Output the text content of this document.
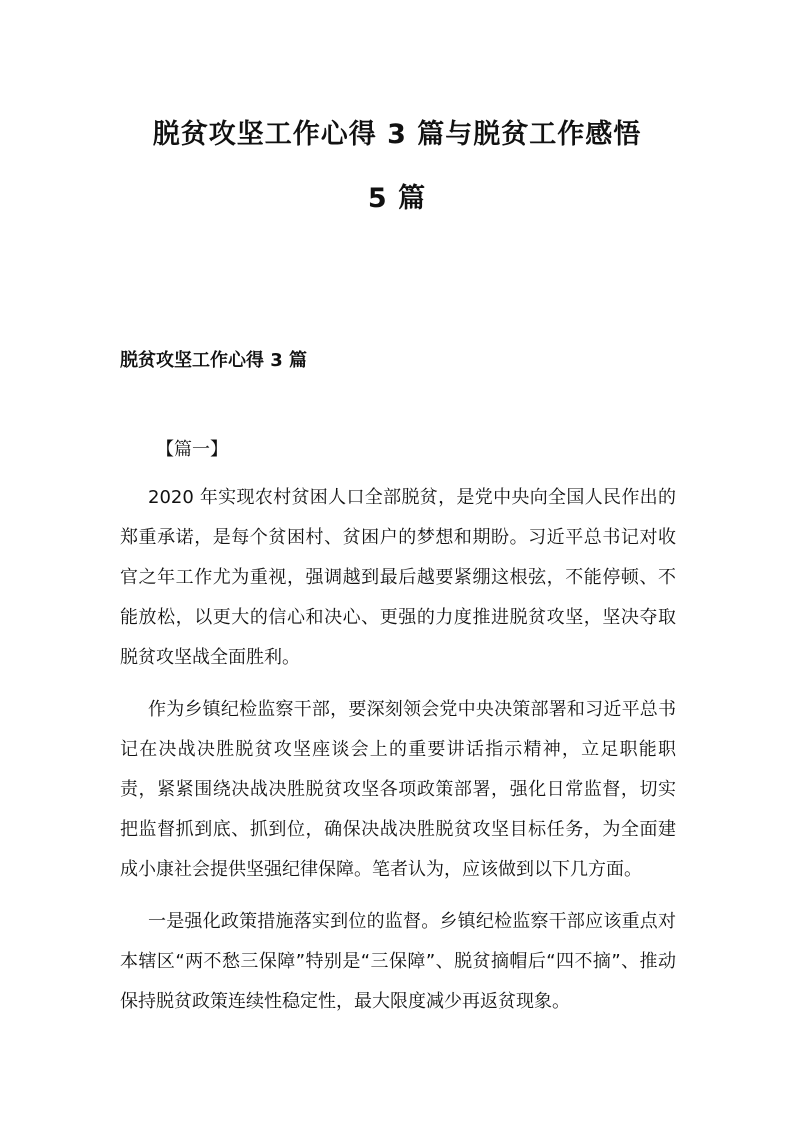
脱贫攻坚工作心得 3 篇与脱贫工作感悟
5 篇
脱贫攻坚工作心得 3 篇
【篇一】
2020 年实现农村贫困人口全部脱贫，是党中央向全国人民作出的郑重承诺，是每个贫困村、贫困户的梦想和期盼。习近平总书记对收官之年工作尤为重视，强调越到最后越要紧绷这根弦，不能停顿、不能放松，以更大的信心和决心、更强的力度推进脱贫攻坚，坚决夺取脱贫攻坚战全面胜利。
作为乡镇纪检监察干部，要深刻领会党中央决策部署和习近平总书记在决战决胜脱贫攻坚座谈会上的重要讲话指示精神，立足职能职责，紧紧围绕决战决胜脱贫攻坚各项政策部署，强化日常监督，切实把监督抓到底、抓到位，确保决战决胜脱贫攻坚目标任务，为全面建成小康社会提供坚强纪律保障。笔者认为，应该做到以下几方面。
一是强化政策措施落实到位的监督。乡镇纪检监察干部应该重点对本辖区“两不愁三保障”特别是“三保障”、脱贫摘帽后“四不摘”、推动保持脱贫政策连续性稳定性，最大限度减少再返贫现象。
